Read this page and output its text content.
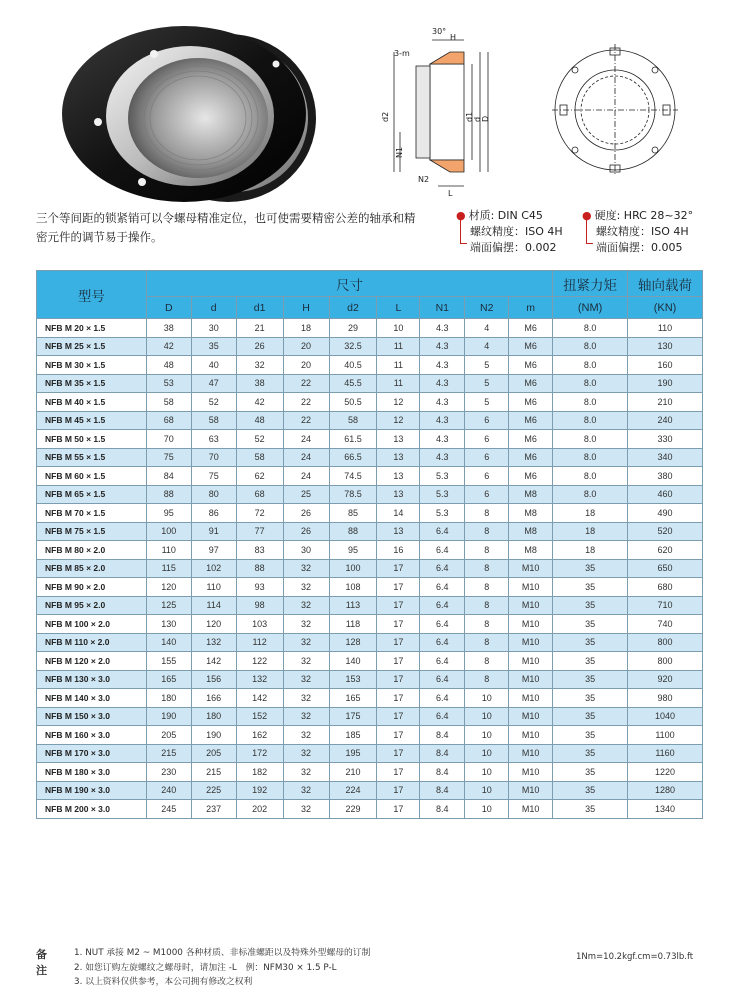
30°
H
3-m
d2	d1 d D
N1
N2
L
三个等间距的锁紧销可以令螺母精准定位，也可使需要精密公差的轴承和精密元件的调节易于操作。
● 材质: DIN C45
螺纹精度：ISO 4H
端面偏摆：0.002
● 硬度: HRC 28~32°
螺纹精度：ISO 4H
端面偏摆：0.005
型号	尺寸									扭紧力矩	轴向载荷
	D	d	d1	H	d2	L	N1	N2	m	(NM)	(KN)
NFB M 20 × 1.5	38	30	21	18	29	10	4.3	4	M6	8.0	110
NFB M 25 × 1.5	42	35	26	20	32.5	11	4.3	4	M6	8.0	130
NFB M 30 × 1.5	48	40	32	20	40.5	11	4.3	5	M6	8.0	160
NFB M 35 × 1.5	53	47	38	22	45.5	11	4.3	5	M6	8.0	190
NFB M 40 × 1.5	58	52	42	22	50.5	12	4.3	5	M6	8.0	210
NFB M 45 × 1.5	68	58	48	22	58	12	4.3	6	M6	8.0	240
NFB M 50 × 1.5	70	63	52	24	61.5	13	4.3	6	M6	8.0	330
NFB M 55 × 1.5	75	70	58	24	66.5	13	4.3	6	M6	8.0	340
NFB M 60 × 1.5	84	75	62	24	74.5	13	5.3	6	M6	8.0	380
NFB M 65 × 1.5	88	80	68	25	78.5	13	5.3	6	M8	8.0	460
NFB M 70 × 1.5	95	86	72	26	85	14	5.3	8	M8	18	490
NFB M 75 × 1.5	100	91	77	26	88	13	6.4	8	M8	18	520
NFB M 80 × 2.0	110	97	83	30	95	16	6.4	8	M8	18	620
NFB M 85 × 2.0	115	102	88	32	100	17	6.4	8	M10	35	650
NFB M 90 × 2.0	120	110	93	32	108	17	6.4	8	M10	35	680
NFB M 95 × 2.0	125	114	98	32	113	17	6.4	8	M10	35	710
NFB M 100 × 2.0	130	120	103	32	118	17	6.4	8	M10	35	740
NFB M 110 × 2.0	140	132	112	32	128	17	6.4	8	M10	35	800
NFB M 120 × 2.0	155	142	122	32	140	17	6.4	8	M10	35	800
NFB M 130 × 3.0	165	156	132	32	153	17	6.4	8	M10	35	920
NFB M 140 × 3.0	180	166	142	32	165	17	6.4	10	M10	35	980
NFB M 150 × 3.0	190	180	152	32	175	17	6.4	10	M10	35	1040
NFB M 160 × 3.0	205	190	162	32	185	17	8.4	10	M10	35	1100
NFB M 170 × 3.0	215	205	172	32	195	17	8.4	10	M10	35	1160
NFB M 180 × 3.0	230	215	182	32	210	17	8.4	10	M10	35	1220
NFB M 190 × 3.0	240	225	192	32	224	17	8.4	10	M10	35	1280
NFB M 200 × 3.0	245	237	202	32	229	17	8.4	10	M10	35	1340
备注
1. NUT 承接 M2 ~ M1000 各种材质、非标准螺距以及特殊外型螺母的订制
2. 如您订购左旋螺纹之螺母时，请加注 -L　例：NFM30 × 1.5 P-L
3. 以上资料仅供参考，本公司拥有修改之权利
1Nm=10.2kgf.cm=0.73lb.ft
